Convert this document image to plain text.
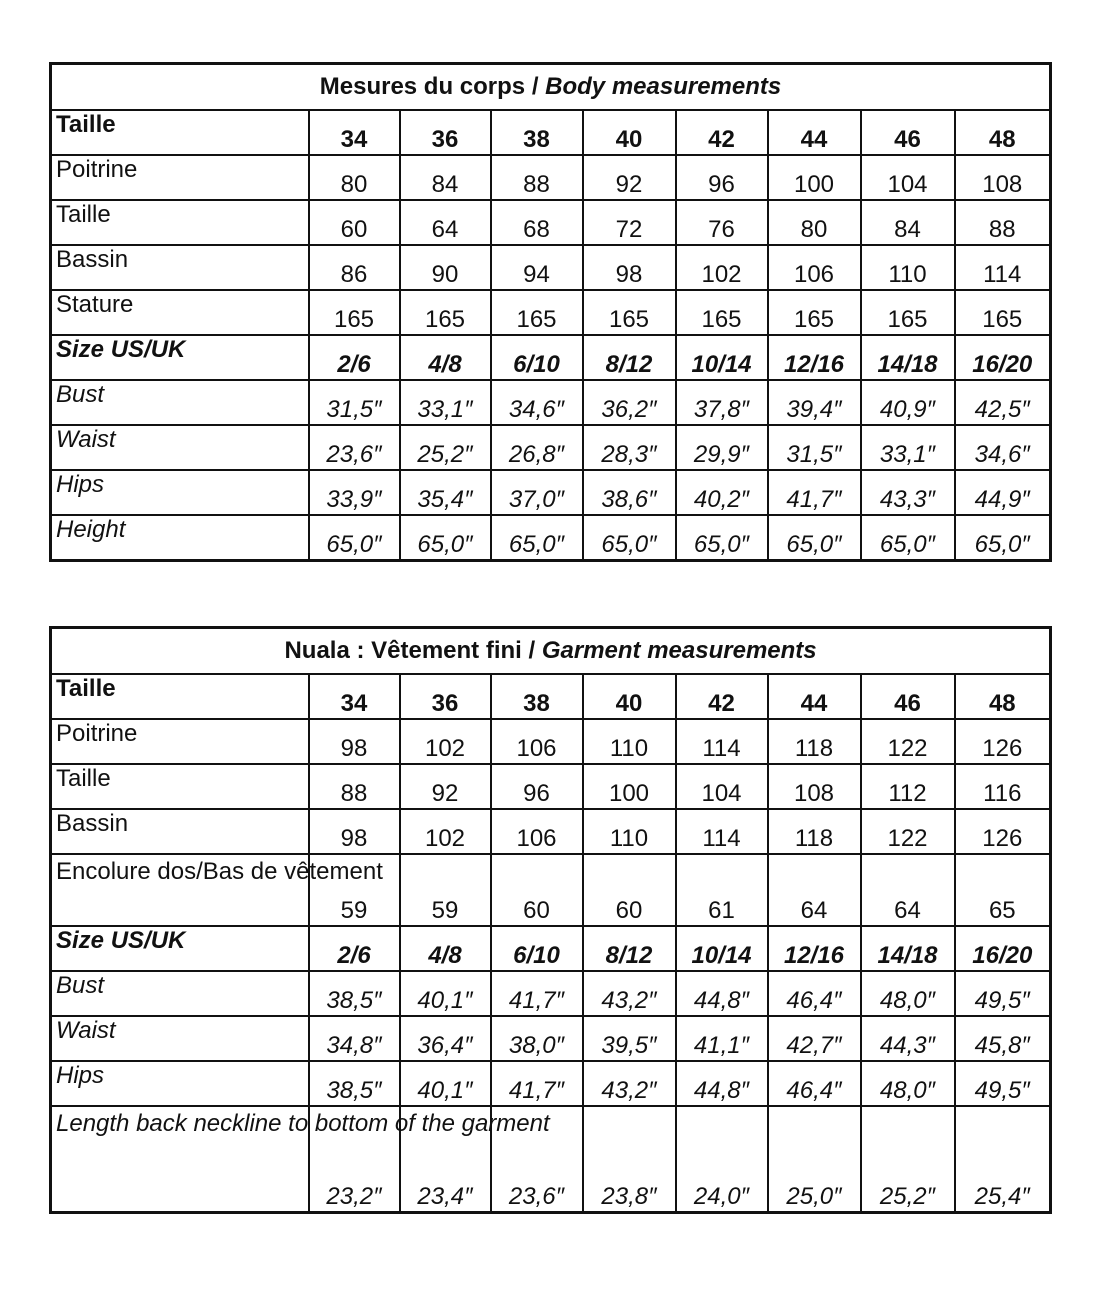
Mesures du corps / Body measurements								
Taille	34	36	38	40	42	44	46	48
Poitrine	80	84	88	92	96	100	104	108
Taille	60	64	68	72	76	80	84	88
Bassin	86	90	94	98	102	106	110	114
Stature	165	165	165	165	165	165	165	165
Size US/UK	2/6	4/8	6/10	8/12	10/14	12/16	14/18	16/20
Bust	31,5″	33,1″	34,6″	36,2″	37,8″	39,4″	40,9″	42,5″
Waist	23,6″	25,2″	26,8″	28,3″	29,9″	31,5″	33,1″	34,6″
Hips	33,9″	35,4″	37,0″	38,6″	40,2″	41,7″	43,3″	44,9″
Height	65,0″	65,0″	65,0″	65,0″	65,0″	65,0″	65,0″	65,0″
Nuala : Vêtement fini / Garment measurements								
Taille	34	36	38	40	42	44	46	48
Poitrine	98	102	106	110	114	118	122	126
Taille	88	92	96	100	104	108	112	116
Bassin	98	102	106	110	114	118	122	126
Encolure dos/Bas de vêtement	59	59	60	60	61	64	64	65
Size US/UK	2/6	4/8	6/10	8/12	10/14	12/16	14/18	16/20
Bust	38,5″	40,1″	41,7″	43,2″	44,8″	46,4″	48,0″	49,5″
Waist	34,8″	36,4″	38,0″	39,5″	41,1″	42,7″	44,3″	45,8″
Hips	38,5″	40,1″	41,7″	43,2″	44,8″	46,4″	48,0″	49,5″
Length back neckline to bottom of the garment	23,2″	23,4″	23,6″	23,8″	24,0″	25,0″	25,2″	25,4″
